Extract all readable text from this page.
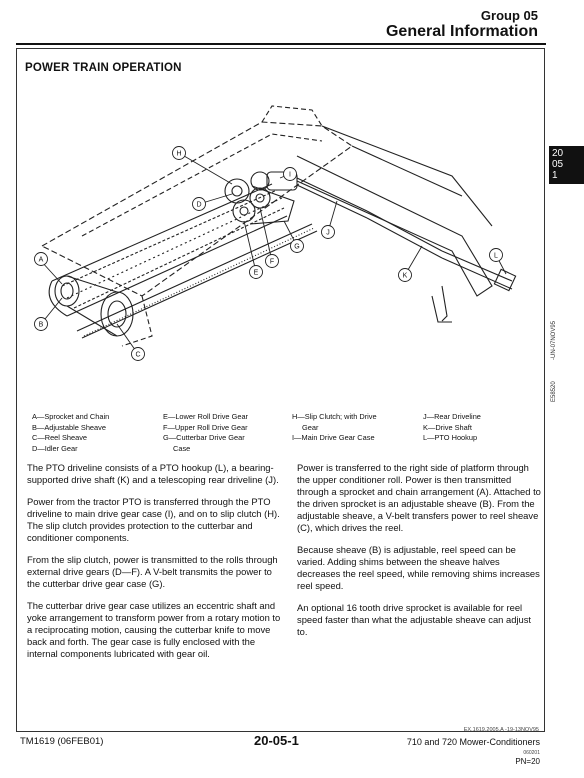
Group 05
General Information
POWER TRAIN OPERATION
20
05
1
-UN-07NOV95
E58520
A
B
C
D
E
F
G
H
I
J
K
L
A—Sprocket and Chain
B—Adjustable Sheave
C—Reel Sheave
D—Idler Gear
E—Lower Roll Drive Gear
F—Upper Roll Drive Gear
G—Cutterbar Drive Gear
Case
H—Slip Clutch; with Drive
Gear
I—Main Drive Gear Case
J—Rear Driveline
K—Drive Shaft
L—PTO Hookup

The PTO driveline consists of a PTO hookup (L), a bearing-supported drive shaft (K) and a telescoping rear driveline (J).

Power from the tractor PTO is transferred through the PTO driveline to main drive gear case (I), and on to slip clutch (H). The slip clutch provides protection to the cutterbar and conditioner components.

From the slip clutch, power is transmitted to the rolls through external drive gears (D—F). A V-belt transmits the power to the cutterbar drive gear case (G).

The cutterbar drive gear case utilizes an eccentric shaft and yoke arrangement to transform power from a rotary motion to a reciprocating motion, causing the cutterbar knife to move back and forth. The gear case is fully enclosed with the internal components lubricated with gear oil.

Power is transferred to the right side of platform through the upper conditioner roll. Power is then transmitted through a sprocket and chain arrangement (A). Attached to the driven sprocket is an adjustable sheave (B). From the adjustable sheave, a V-belt transfers power to reel sheave (C), which drives the reel.

Because sheave (B) is adjustable, reel speed can be varied. Adding shims between the sheave halves decreases the reel speed, while removing shims increases reel speed.

An optional 16 tooth drive sprocket is available for reel speed faster than what the adjustable sheave can adjust to.

EX.1619.2005.A -19-13NOV95
TM1619 (06FEB01)	20-05-1	710 and 720 Mower-Conditioners
060201
PN=20
